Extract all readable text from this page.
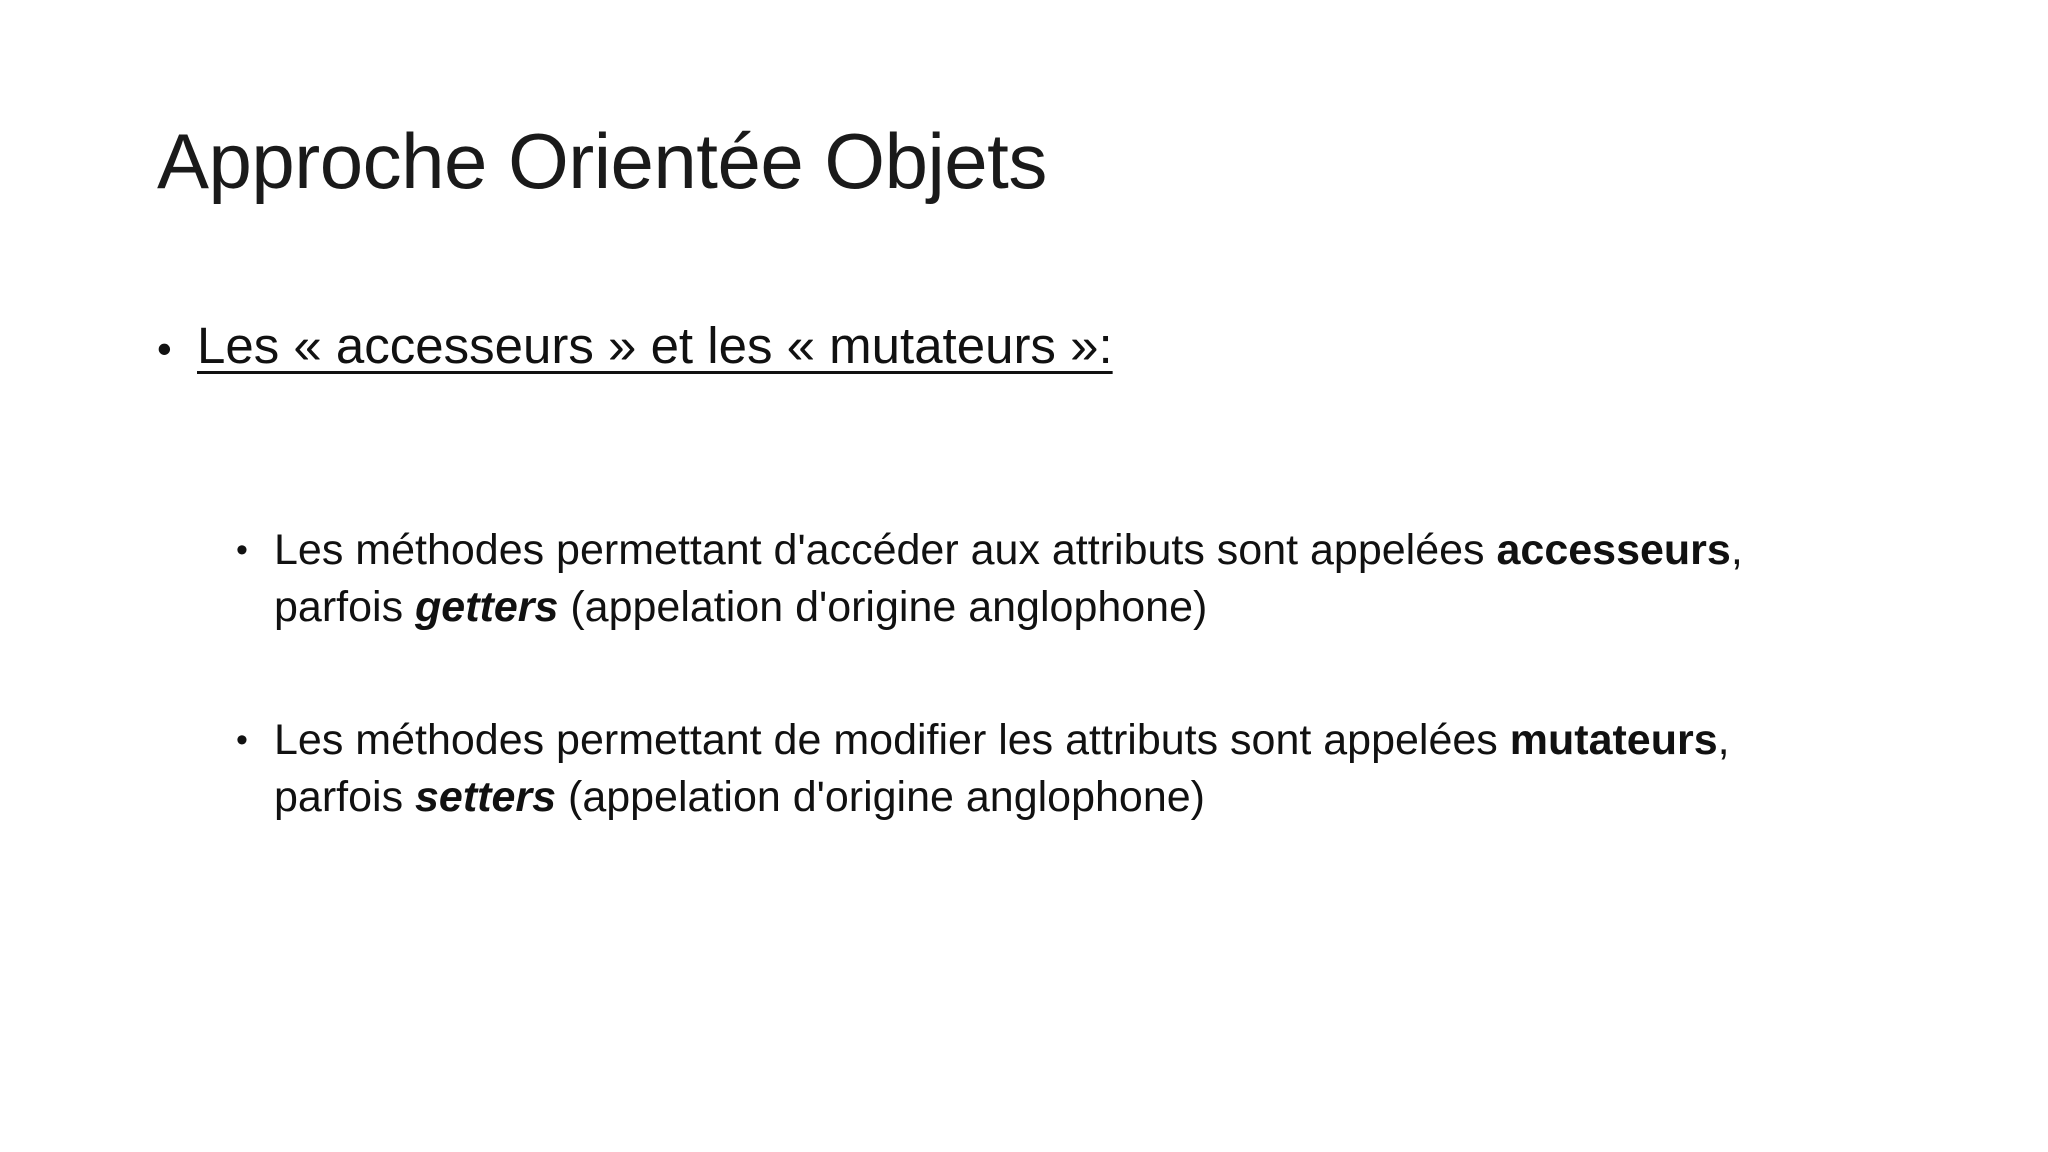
Approche Orientée Objets
• Les « accesseurs » et les « mutateurs »:
• Les méthodes permettant d'accéder aux attributs sont appelées accesseurs,
parfois getters (appelation d'origine anglophone)
• Les méthodes permettant de modifier les attributs sont appelées mutateurs,
parfois setters (appelation d'origine anglophone)
